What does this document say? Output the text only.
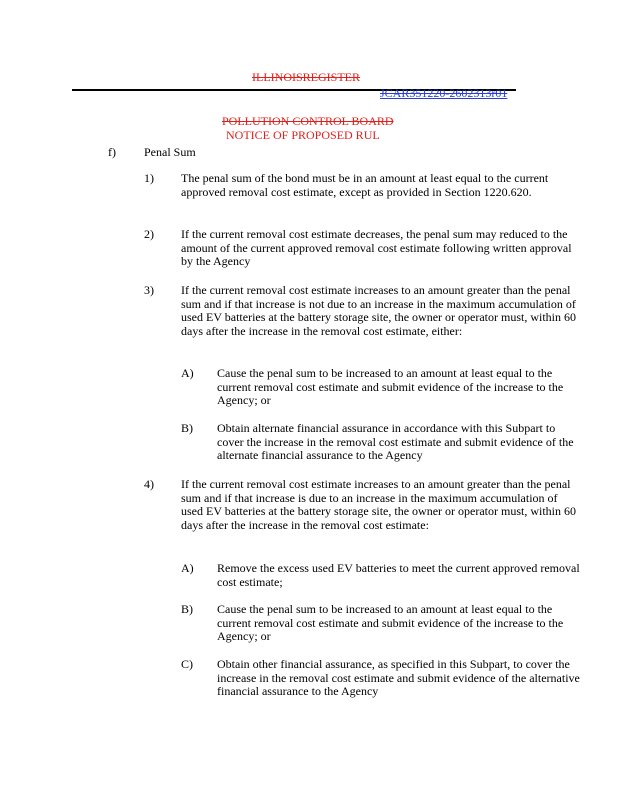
ILLINOISREGISTER
JCAR351220-2602313r01
POLLUTION CONTROL BOARD
NOTICE OF PROPOSED RUL
f) Penal Sum
1) The penal sum of the bond must be in an amount at least equal to the current approved removal cost estimate, except as provided in Section 1220.620.
2) If the current removal cost estimate decreases, the penal sum may reduced to the amount of the current approved removal cost estimate following written approval by the Agency
3) If the current removal cost estimate increases to an amount greater than the penal sum and if that increase is not due to an increase in the maximum accumulation of used EV batteries at the battery storage site, the owner or operator must, within 60 days after the increase in the removal cost estimate, either:
A) Cause the penal sum to be increased to an amount at least equal to the current removal cost estimate and submit evidence of the increase to the Agency; or
B) Obtain alternate financial assurance in accordance with this Subpart to cover the increase in the removal cost estimate and submit evidence of the alternate financial assurance to the Agency
4) If the current removal cost estimate increases to an amount greater than the penal sum and if that increase is due to an increase in the maximum accumulation of used EV batteries at the battery storage site, the owner or operator must, within 60 days after the increase in the removal cost estimate:
A) Remove the excess used EV batteries to meet the current approved removal cost estimate;
B) Cause the penal sum to be increased to an amount at least equal to the current removal cost estimate and submit evidence of the increase to the Agency; or
C) Obtain other financial assurance, as specified in this Subpart, to cover the increase in the removal cost estimate and submit evidence of the alternative financial assurance to the Agency
